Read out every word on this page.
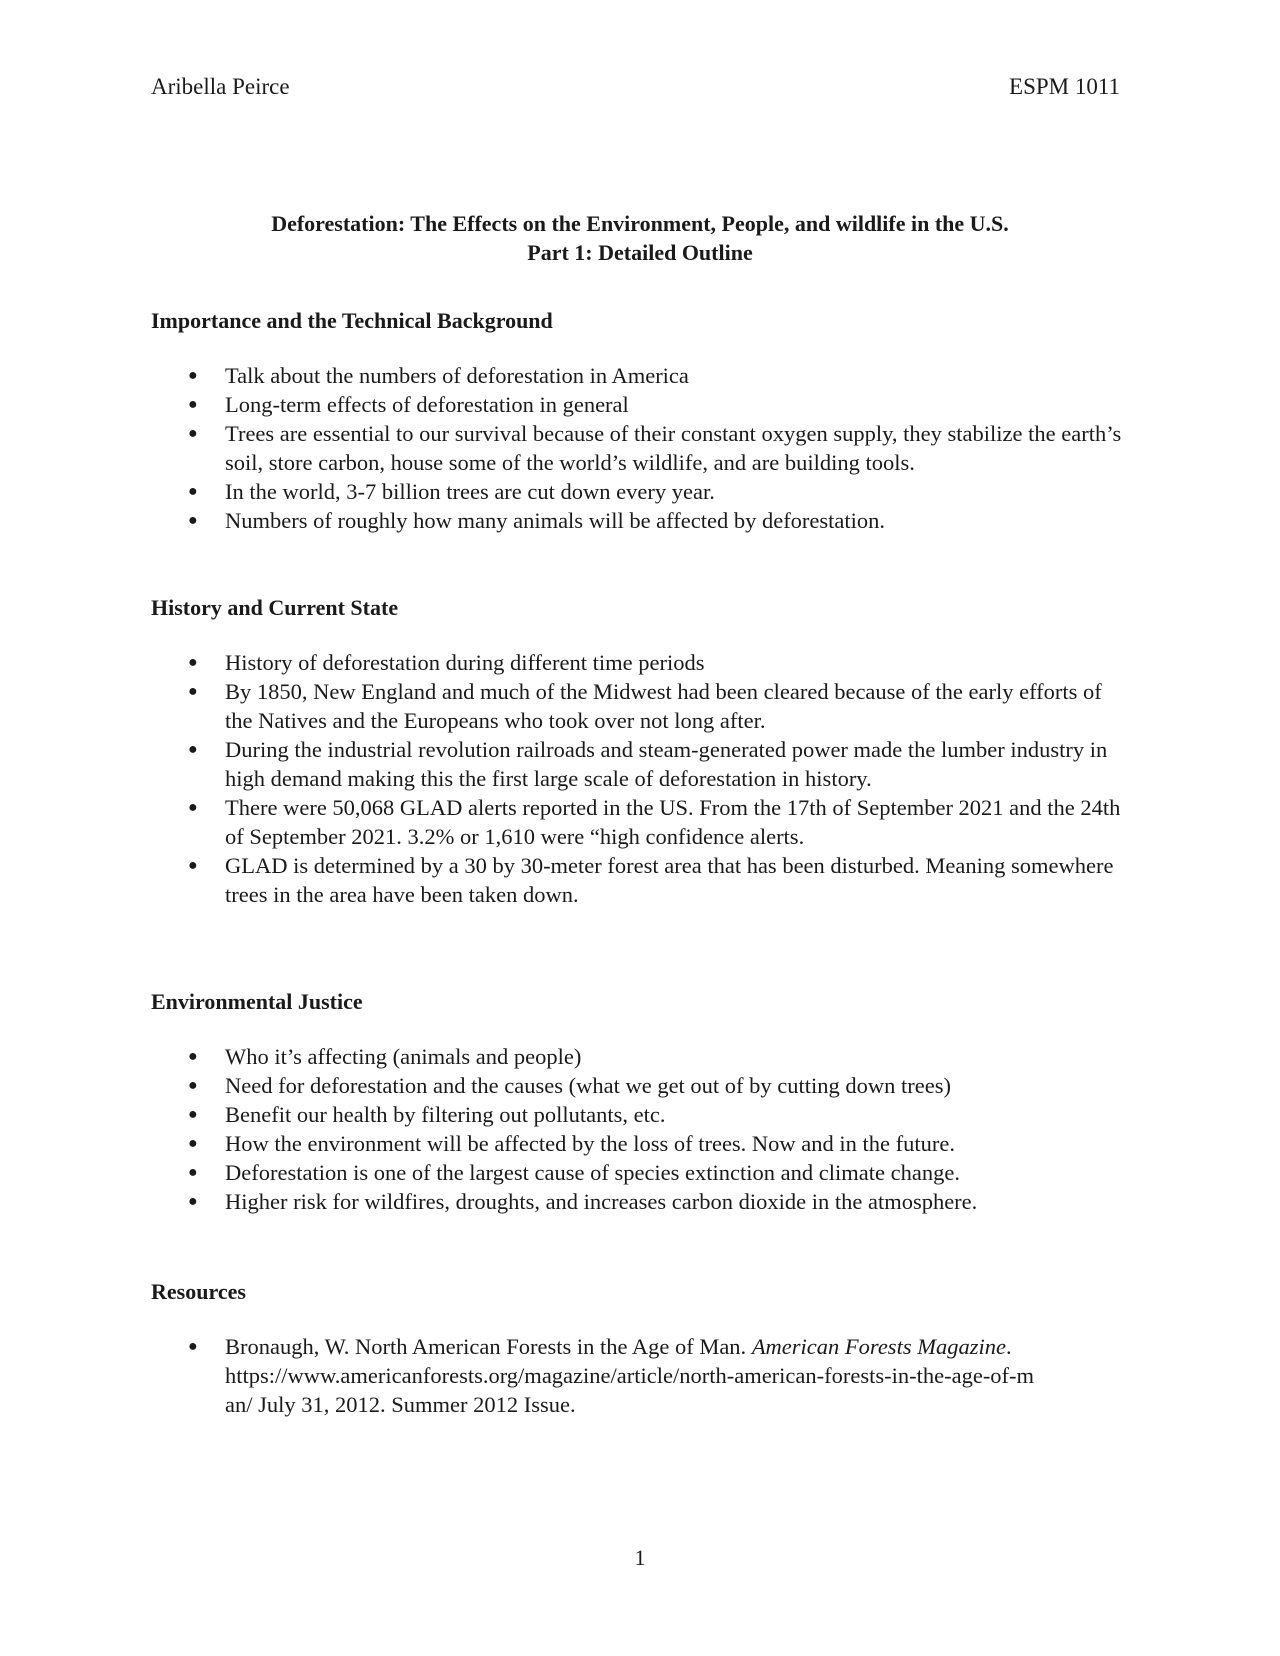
Aribella Peirce	ESPM 1011
Deforestation: The Effects on the Environment, People, and wildlife in the U.S.
Part 1: Detailed Outline
Importance and the Technical Background
● Talk about the numbers of deforestation in America
● Long-term effects of deforestation in general
● Trees are essential to our survival because of their constant oxygen supply, they stabilize the earth’s soil, store carbon, house some of the world’s wildlife, and are building tools.
● In the world, 3-7 billion trees are cut down every year.
● Numbers of roughly how many animals will be affected by deforestation.
History and Current State
● History of deforestation during different time periods
● By 1850, New England and much of the Midwest had been cleared because of the early efforts of the Natives and the Europeans who took over not long after.
● During the industrial revolution railroads and steam-generated power made the lumber industry in high demand making this the first large scale of deforestation in history.
● There were 50,068 GLAD alerts reported in the US. From the 17th of September 2021 and the 24th of September 2021. 3.2% or 1,610 were “high confidence alerts.
● GLAD is determined by a 30 by 30-meter forest area that has been disturbed. Meaning somewhere trees in the area have been taken down.
Environmental Justice
● Who it’s affecting (animals and people)
● Need for deforestation and the causes (what we get out of by cutting down trees)
● Benefit our health by filtering out pollutants, etc.
● How the environment will be affected by the loss of trees. Now and in the future.
● Deforestation is one of the largest cause of species extinction and climate change.
● Higher risk for wildfires, droughts, and increases carbon dioxide in the atmosphere.
Resources
● Bronaugh, W. North American Forests in the Age of Man. American Forests Magazine.
https://www.americanforests.org/magazine/article/north-american-forests-in-the-age-of-m
an/ July 31, 2012. Summer 2012 Issue.
1
